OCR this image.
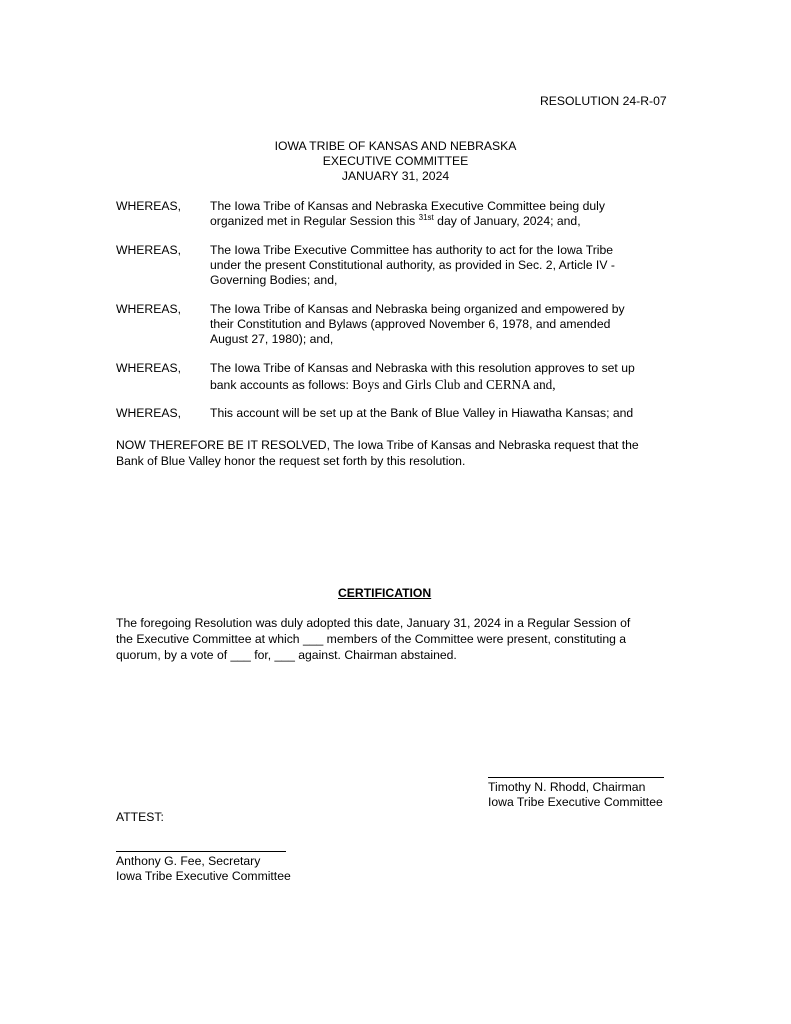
RESOLUTION 24-R-07
IOWA TRIBE OF KANSAS AND NEBRASKA
EXECUTIVE COMMITTEE
JANUARY 31, 2024
WHEREAS, The Iowa Tribe of Kansas and Nebraska Executive Committee being duly
organized met in Regular Session this $^{31st}$ day of January, 2024; and,
WHEREAS, The Iowa Tribe Executive Committee has authority to act for the Iowa Tribe
under the present Constitutional authority, as provided in Sec. 2, Article IV -
Governing Bodies; and,
WHEREAS, The Iowa Tribe of Kansas and Nebraska being organized and empowered by
their Constitution and Bylaws (approved November 6, 1978, and amended
August 27, 1980); and,
WHEREAS, The Iowa Tribe of Kansas and Nebraska with this resolution approves to set up
bank accounts as follows: Boys and Girls Club and CERNA and,
WHEREAS, This account will be set up at the Bank of Blue Valley in Hiawatha Kansas; and
NOW THEREFORE BE IT RESOLVED, The Iowa Tribe of Kansas and Nebraska request that the
Bank of Blue Valley honor the request set forth by this resolution.
CERTIFICATION
The foregoing Resolution was duly adopted this date, January 31, 2024 in a Regular Session of
the Executive Committee at which ___ members of the Committee were present, constituting a
quorum, by a vote of ___ for, ___ against. Chairman abstained.
Timothy N. Rhodd, Chairman
Iowa Tribe Executive Committee
ATTEST:
Anthony G. Fee, Secretary
Iowa Tribe Executive Committee
